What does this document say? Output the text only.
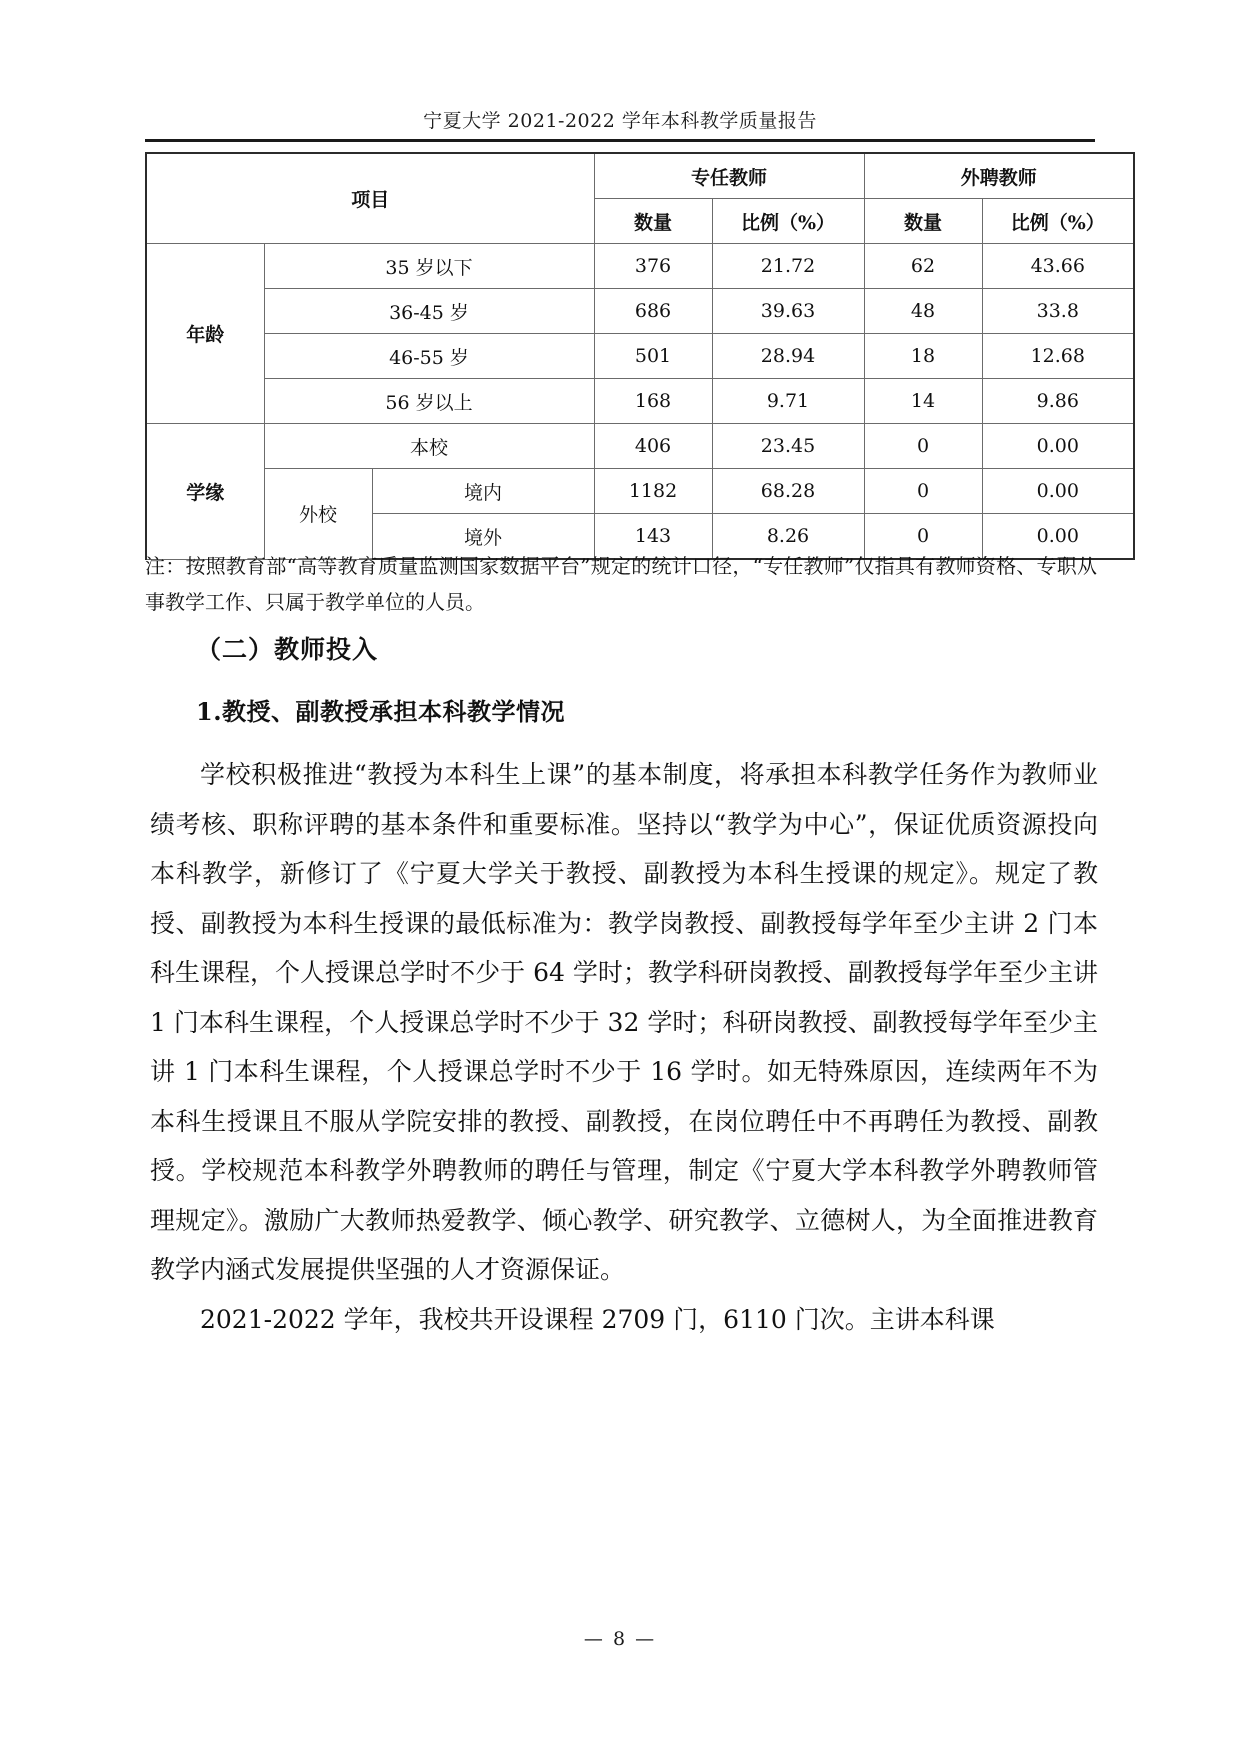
宁夏大学 2021-2022 学年本科教学质量报告
项目			专任教师		外聘教师	
			数量	比例（%）	数量	比例（%）
年龄	35 岁以下		376	21.72	62	43.66
	36-45 岁		686	39.63	48	33.8
	46-55 岁		501	28.94	18	12.68
	56 岁以上		168	9.71	14	9.86
学缘	本校		406	23.45	0	0.00
	外校	境内	1182	68.28	0	0.00
		境外	143	8.26	0	0.00
注：按照教育部“高等教育质量监测国家数据平台”规定的统计口径，“专任教师”仅指具有教师资格、专职从事教学工作、只属于教学单位的人员。
（二）教师投入
1.教授、副教授承担本科教学情况

学校积极推进“教授为本科生上课”的基本制度，将承担本科教学任务作为教师业绩考核、职称评聘的基本条件和重要标准。坚持以“教学为中心”，保证优质资源投向本科教学，新修订了《宁夏大学关于教授、副教授为本科生授课的规定》。规定了教授、副教授为本科生授课的最低标准为：教学岗教授、副教授每学年至少主讲 2 门本科生课程，个人授课总学时不少于 64 学时；教学科研岗教授、副教授每学年至少主讲 1 门本科生课程，个人授课总学时不少于 32 学时；科研岗教授、副教授每学年至少主讲 1 门本科生课程，个人授课总学时不少于 16 学时。如无特殊原因，连续两年不为本科生授课且不服从学院安排的教授、副教授，在岗位聘任中不再聘任为教授、副教授。学校规范本科教学外聘教师的聘任与管理，制定《宁夏大学本科教学外聘教师管理规定》。激励广大教师热爱教学、倾心教学、研究教学、立德树人，为全面推进教育教学内涵式发展提供坚强的人才资源保证。

2021-2022 学年，我校共开设课程 2709 门，6110 门次。主讲本科课

— 8 —
